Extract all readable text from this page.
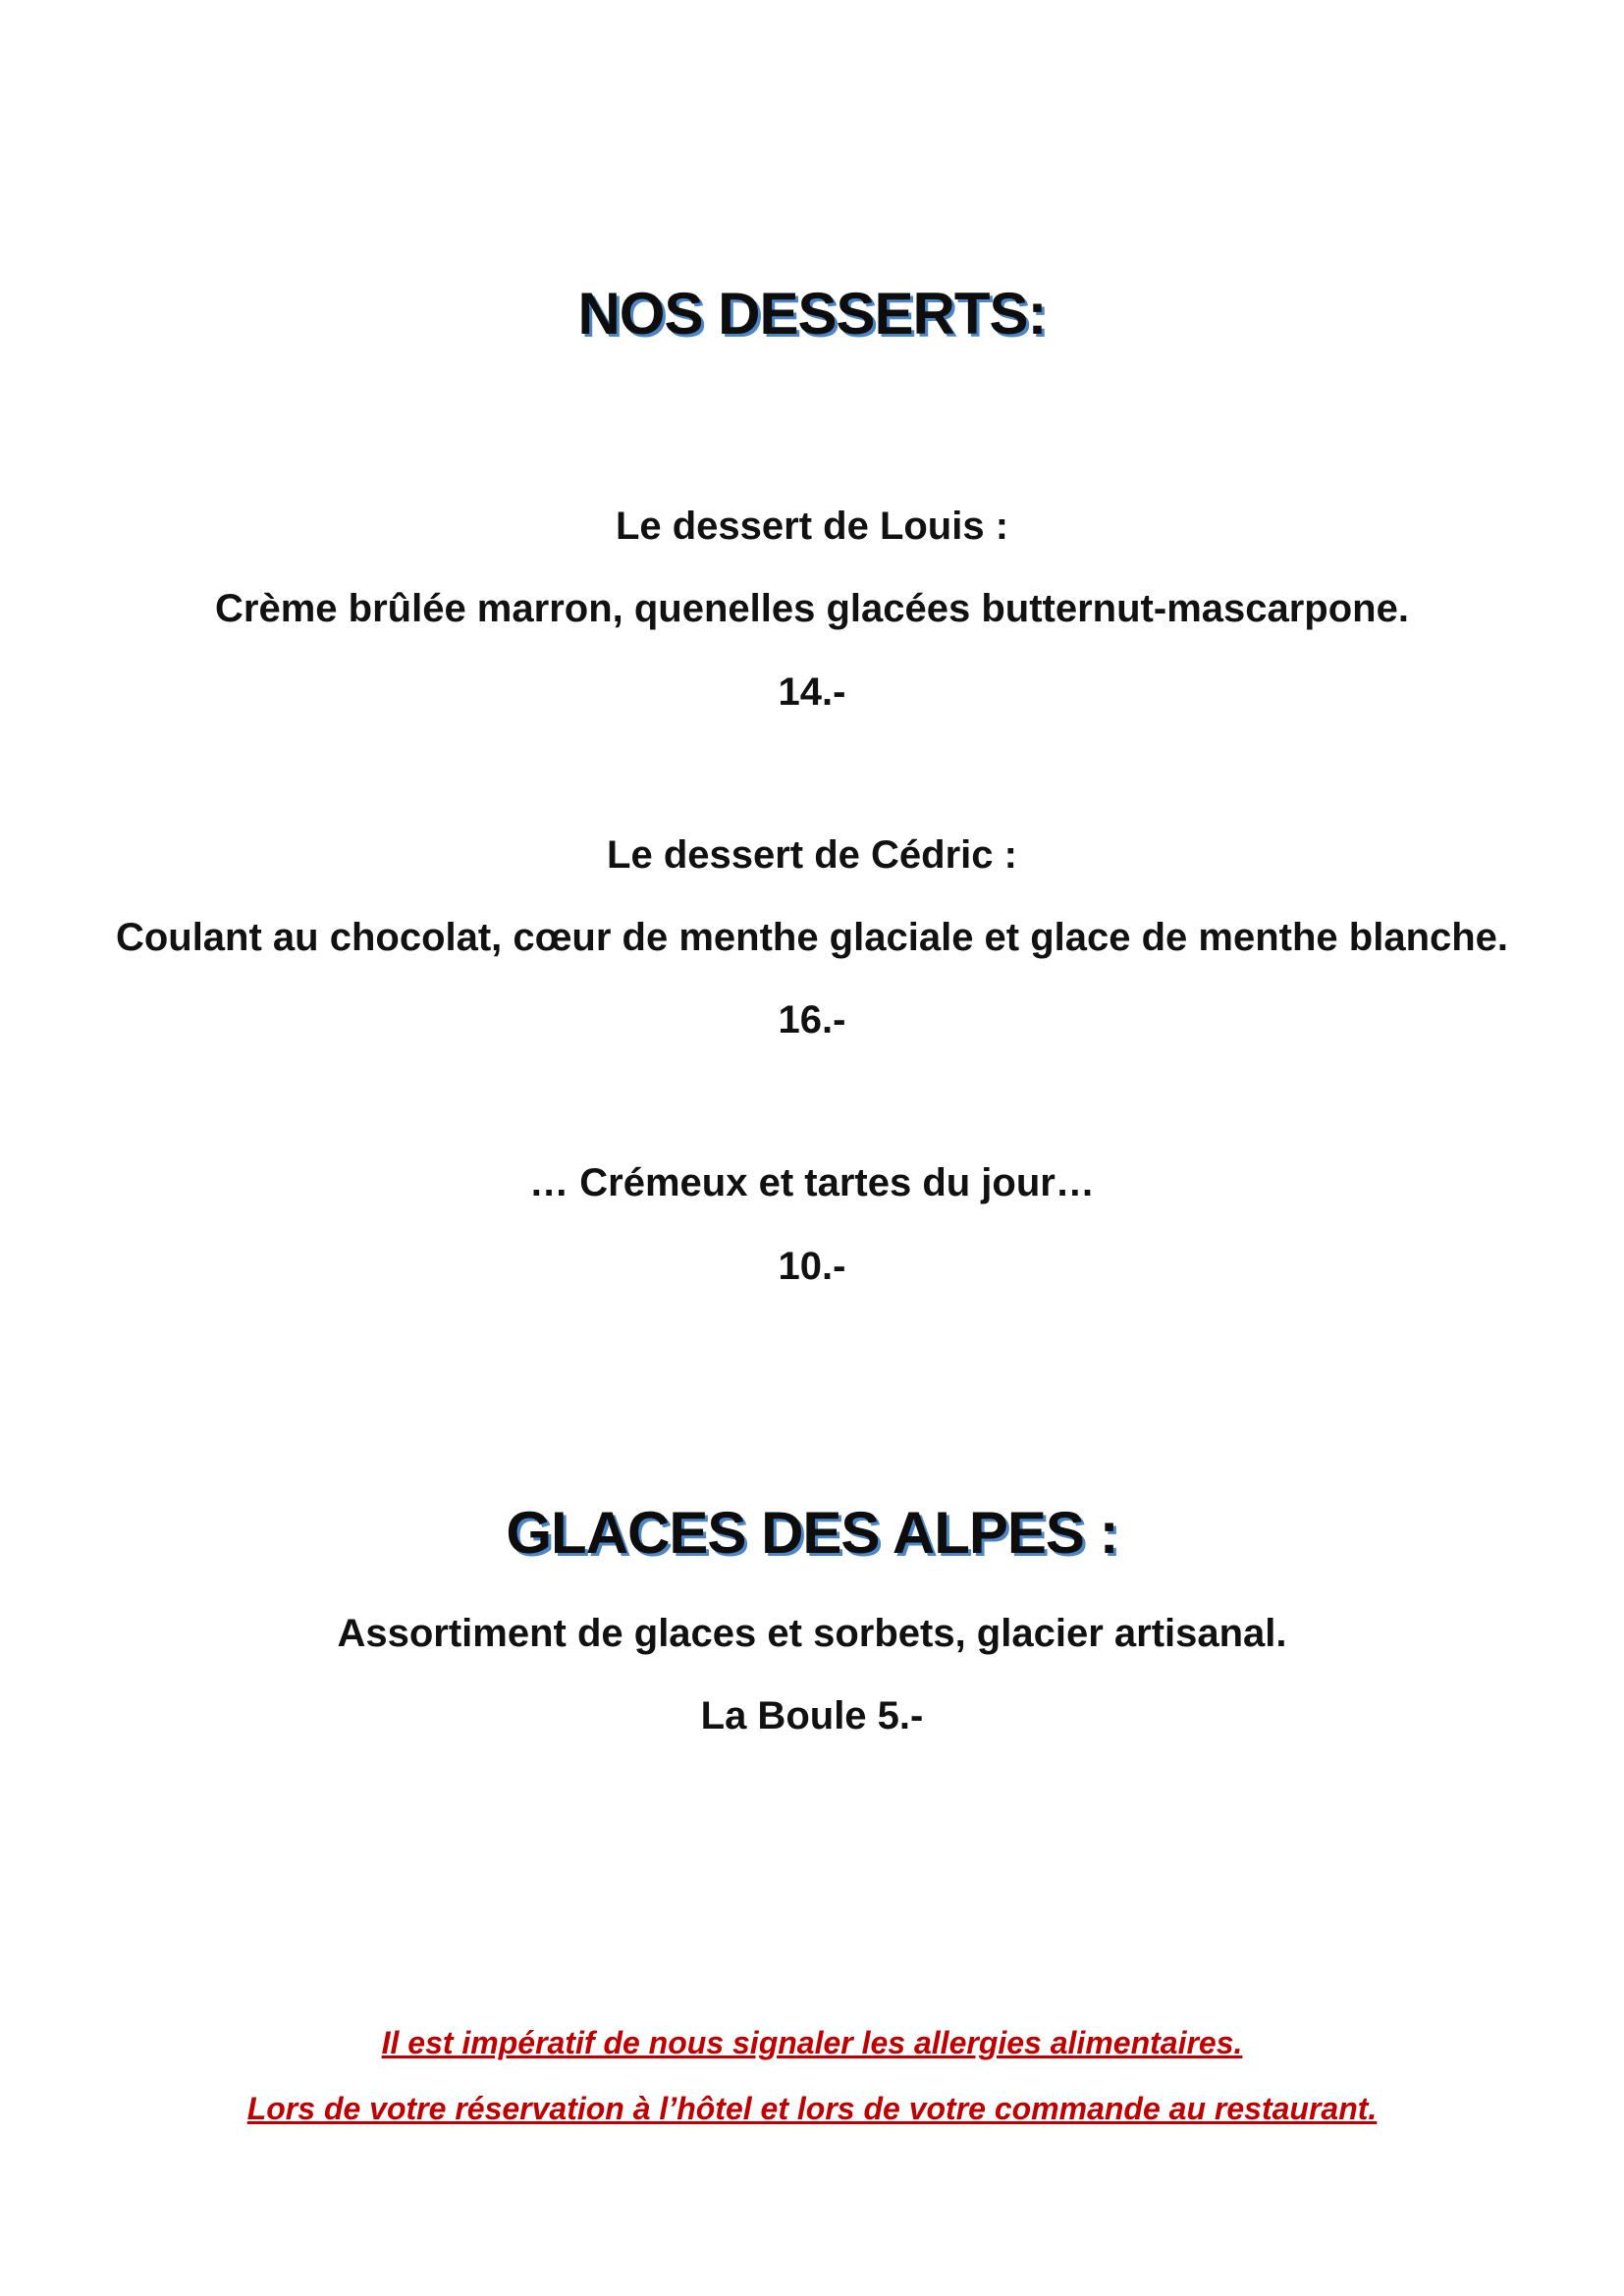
NOS DESSERTS:
Le dessert de Louis :
Crème brûlée marron, quenelles glacées butternut-mascarpone.
14.-
Le dessert de Cédric :
Coulant au chocolat, cœur de menthe glaciale et glace de menthe blanche.
16.-
… Crémeux et tartes du jour…
10.-
GLACES DES ALPES :
Assortiment de glaces et sorbets, glacier artisanal.
La Boule 5.-
Il est impératif de nous signaler les allergies alimentaires.
Lors de votre réservation à l’hôtel et lors de votre commande au restaurant.
